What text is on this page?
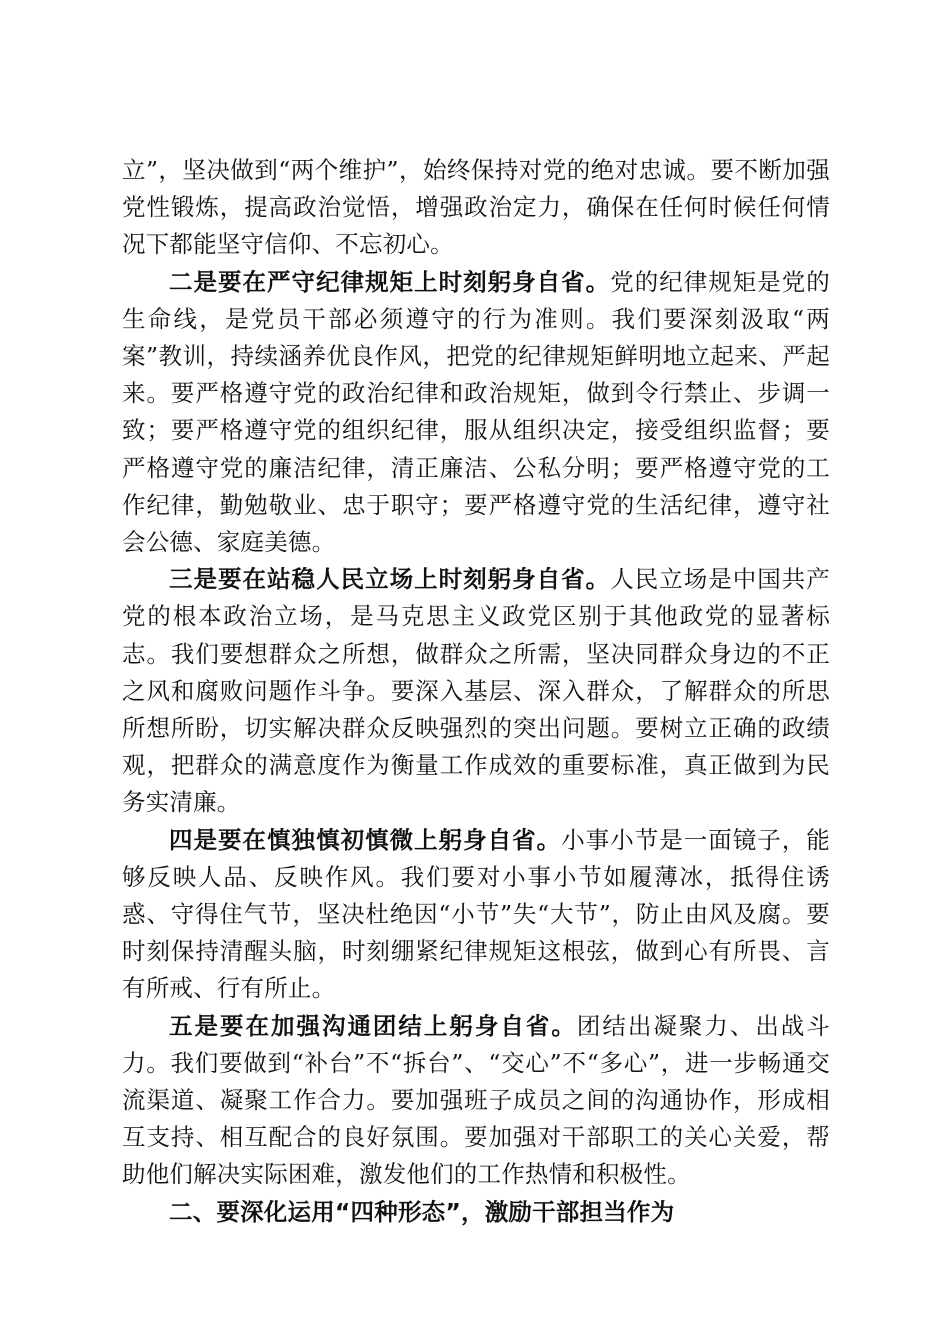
立”，坚决做到“两个维护”，始终保持对党的绝对忠诚。要不断加强党性锻炼，提高政治觉悟，增强政治定力，确保在任何时候任何情况下都能坚守信仰、不忘初心。

二是要在严守纪律规矩上时刻躬身自省。党的纪律规矩是党的生命线，是党员干部必须遵守的行为准则。我们要深刻汲取“两案”教训，持续涵养优良作风，把党的纪律规矩鲜明地立起来、严起来。要严格遵守党的政治纪律和政治规矩，做到令行禁止、步调一致；要严格遵守党的组织纪律，服从组织决定，接受组织监督；要严格遵守党的廉洁纪律，清正廉洁、公私分明；要严格遵守党的工作纪律，勤勉敬业、忠于职守；要严格遵守党的生活纪律，遵守社会公德、家庭美德。

三是要在站稳人民立场上时刻躬身自省。人民立场是中国共产党的根本政治立场，是马克思主义政党区别于其他政党的显著标志。我们要想群众之所想，做群众之所需，坚决同群众身边的不正之风和腐败问题作斗争。要深入基层、深入群众，了解群众的所思所想所盼，切实解决群众反映强烈的突出问题。要树立正确的政绩观，把群众的满意度作为衡量工作成效的重要标准，真正做到为民务实清廉。

四是要在慎独慎初慎微上躬身自省。小事小节是一面镜子，能够反映人品、反映作风。我们要对小事小节如履薄冰，抵得住诱惑、守得住气节，坚决杜绝因“小节”失“大节”，防止由风及腐。要时刻保持清醒头脑，时刻绷紧纪律规矩这根弦，做到心有所畏、言有所戒、行有所止。

五是要在加强沟通团结上躬身自省。团结出凝聚力、出战斗力。我们要做到“补台”不“拆台”、“交心”不“多心”，进一步畅通交流渠道、凝聚工作合力。要加强班子成员之间的沟通协作，形成相互支持、相互配合的良好氛围。要加强对干部职工的关心关爱，帮助他们解决实际困难，激发他们的工作热情和积极性。

二、要深化运用“四种形态”，激励干部担当作为
